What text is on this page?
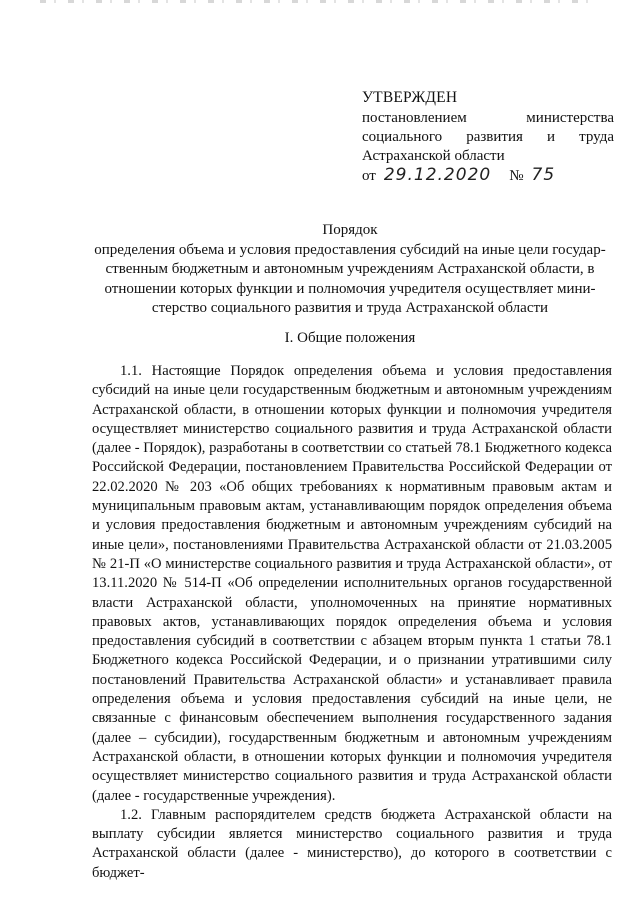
УТВЕРЖДЕН
постановлением	министерства
социального развития и труда
Астраханской области
от 29.12.2020 № 75
Порядок
определения объема и условия предоставления субсидий на иные цели государ-
ственным бюджетным и автономным учреждениям Астраханской области, в
отношении которых функции и полномочия учредителя осуществляет мини-
стерство социального развития и труда Астраханской области
I. Общие положения

1.1. Настоящие Порядок определения объема и условия предоставления субсидий на иные цели государственным бюджетным и автономным учреждениям Астраханской области, в отношении которых функции и полномочия учредителя осуществляет министерство социального развития и труда Астраханской области (далее - Порядок), разработаны в соответствии со статьей 78.1 Бюджетного кодекса Российской Федерации, постановлением Правительства Российской Федерации от 22.02.2020 № 203 «Об общих требованиях к нормативным правовым актам и муниципальным правовым актам, устанавливающим порядок определения объема и условия предоставления бюджетным и автономным учреждениям субсидий на иные цели», постановлениями Правительства Астраханской области от 21.03.2005 № 21-П «О министерстве социального развития и труда Астраханской области», от 13.11.2020 № 514-П «Об определении исполнительных органов государственной власти Астраханской области, уполномоченных на принятие нормативных правовых актов, устанавливающих порядок определения объема и условия предоставления субсидий в соответствии с абзацем вторым пункта 1 статьи 78.1 Бюджетного кодекса Российской Федерации, и о признании утратившими силу постановлений Правительства Астраханской области» и устанавливает правила определения объема и условия предоставления субсидий на иные цели, не связанные с финансовым обеспечением выполнения государственного задания (далее – субсидии), государственным бюджетным и автономным учреждениям Астраханской области, в отношении которых функции и полномочия учредителя осуществляет министерство социального развития и труда Астраханской области (далее - государственные учреждения).

1.2. Главным распорядителем средств бюджета Астраханской области на выплату субсидии является министерство социального развития и труда Астраханской области (далее - министерство), до которого в соответствии с бюджет-
